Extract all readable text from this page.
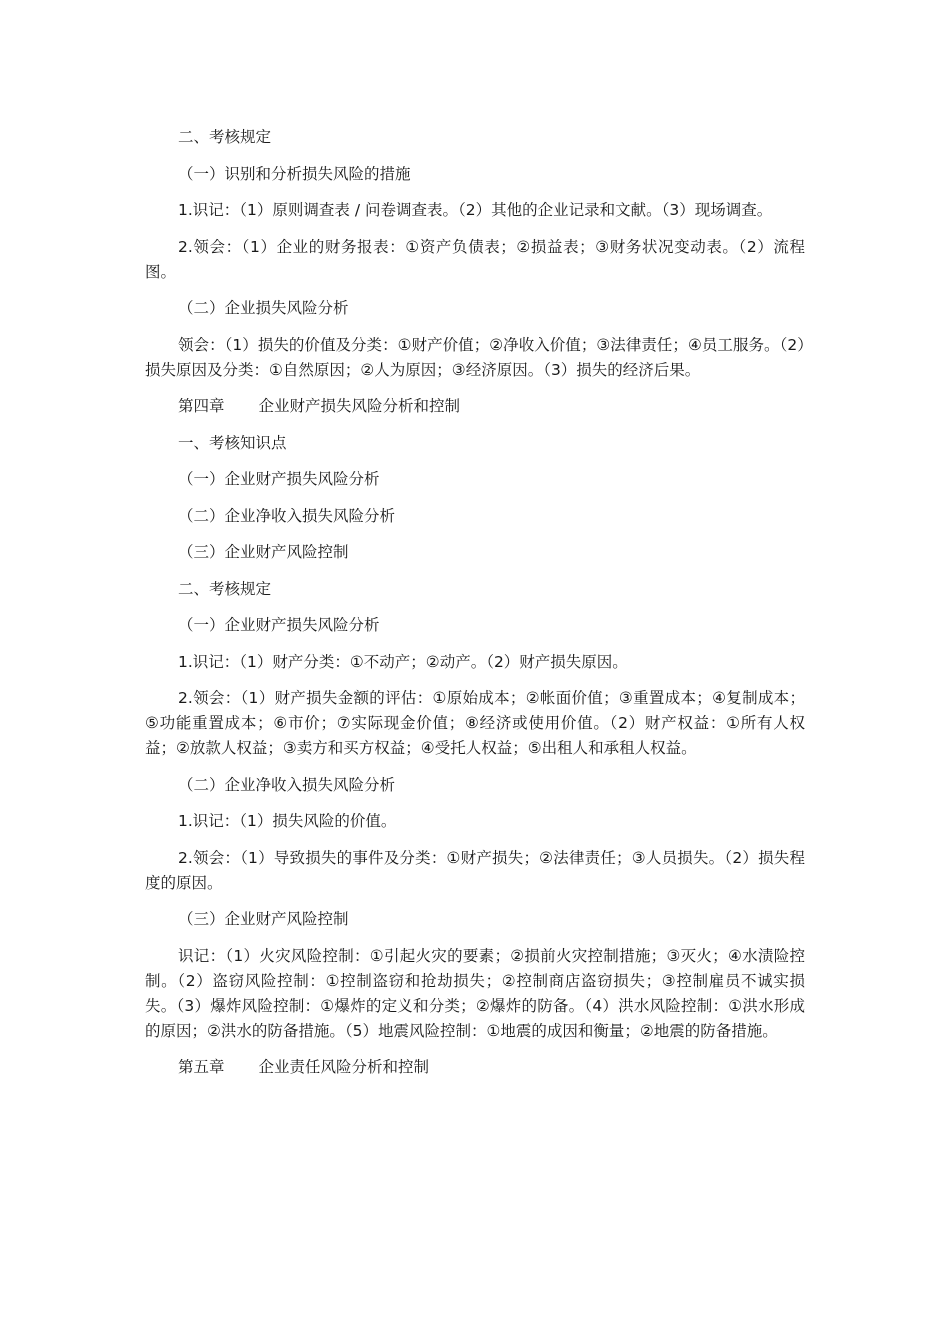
二、考核规定

（一）识别和分析损失风险的措施

1.识记：（1）原则调查表 / 问卷调查表。（2）其他的企业记录和文献。（3）现场调查。

2.领会：（1）企业的财务报表：①资产负债表；②损益表；③财务状况变动表。（2）流程图。

（二）企业损失风险分析

领会：（1）损失的价值及分类：①财产价值；②净收入价值；③法律责任；④员工服务。（2）损失原因及分类：①自然原因；②人为原因；③经济原因。（3）损失的经济后果。

第四章 企业财产损失风险分析和控制

一、考核知识点

（一）企业财产损失风险分析

（二）企业净收入损失风险分析

（三）企业财产风险控制

二、考核规定

（一）企业财产损失风险分析

1.识记：（1）财产分类：①不动产；②动产。（2）财产损失原因。

2.领会：（1）财产损失金额的评估：①原始成本；②帐面价值；③重置成本；④复制成本；⑤功能重置成本；⑥市价；⑦实际现金价值；⑧经济或使用价值。（2）财产权益：①所有人权益；②放款人权益；③卖方和买方权益；④受托人权益；⑤出租人和承租人权益。

（二）企业净收入损失风险分析

1.识记：（1）损失风险的价值。

2.领会：（1）导致损失的事件及分类：①财产损失；②法律责任；③人员损失。（2）损失程度的原因。

（三）企业财产风险控制

识记：（1）火灾风险控制：①引起火灾的要素；②损前火灾控制措施；③灭火；④水渍险控制。（2）盗窃风险控制：①控制盗窃和抢劫损失；②控制商店盗窃损失；③控制雇员不诚实损失。（3）爆炸风险控制：①爆炸的定义和分类；②爆炸的防备。（4）洪水风险控制：①洪水形成的原因；②洪水的防备措施。（5）地震风险控制：①地震的成因和衡量；②地震的防备措施。

第五章 企业责任风险分析和控制
